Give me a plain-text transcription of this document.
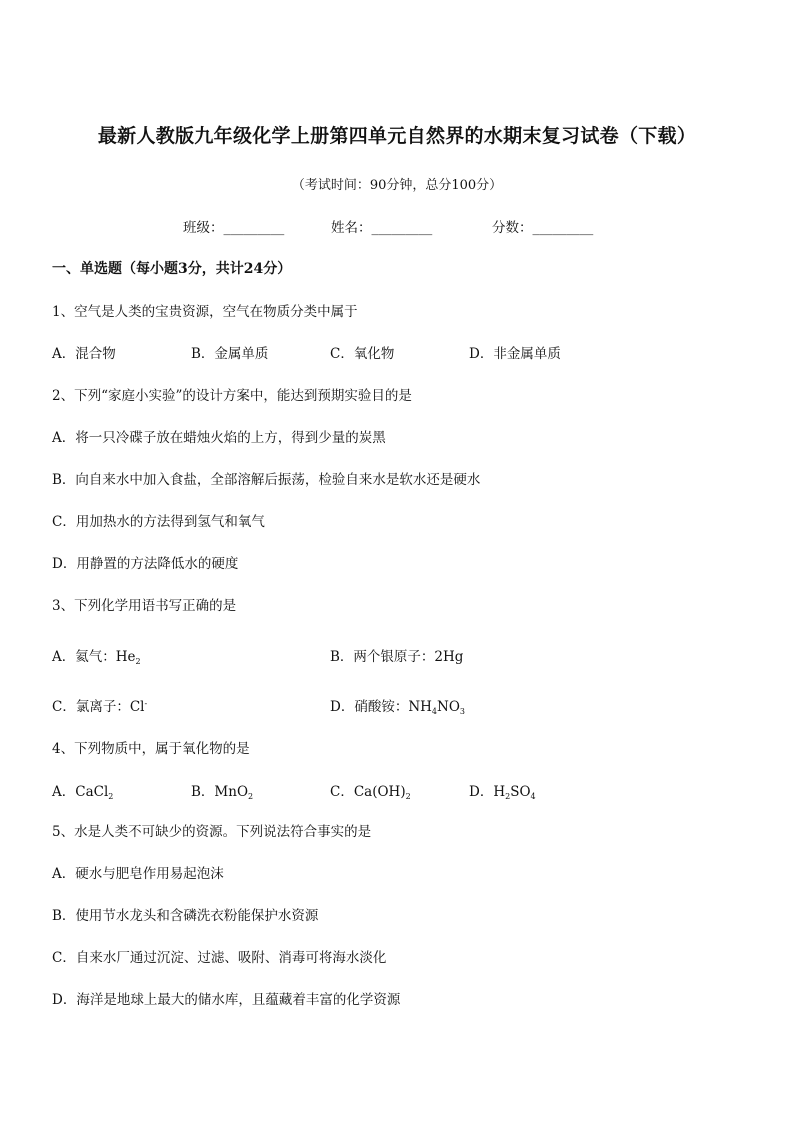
最新人教版九年级化学上册第四单元自然界的水期末复习试卷（下载）
（考试时间：90分钟，总分100分）
班级：_________	姓名：_________	分数：_________
一、单选题（每小题3分，共计24分）
1、空气是人类的宝贵资源，空气在物质分类中属于
A．混合物	B．金属单质	C．氧化物	D．非金属单质
2、下列“家庭小实验”的设计方案中，能达到预期实验目的是
A．将一只冷碟子放在蜡烛火焰的上方，得到少量的炭黑
B．向自来水中加入食盐，全部溶解后振荡，检验自来水是软水还是硬水
C．用加热水的方法得到氢气和氧气
D．用静置的方法降低水的硬度
3、下列化学用语书写正确的是
A．氦气：$He_2$	B．两个银原子：2Hg
C．氯离子：Cl-	D．硝酸铵：$NH_4NO_3$
4、下列物质中，属于氧化物的是
A．CaCl$_2$	B．MnO$_2$	C．$Ca(OH)_2$	D．$H_2SO_4$
5、水是人类不可缺少的资源。下列说法符合事实的是
A．硬水与肥皂作用易起泡沫
B．使用节水龙头和含磷洗衣粉能保护水资源
C．自来水厂通过沉淀、过滤、吸附、消毒可将海水淡化
D．海洋是地球上最大的储水库，且蕴藏着丰富的化学资源
